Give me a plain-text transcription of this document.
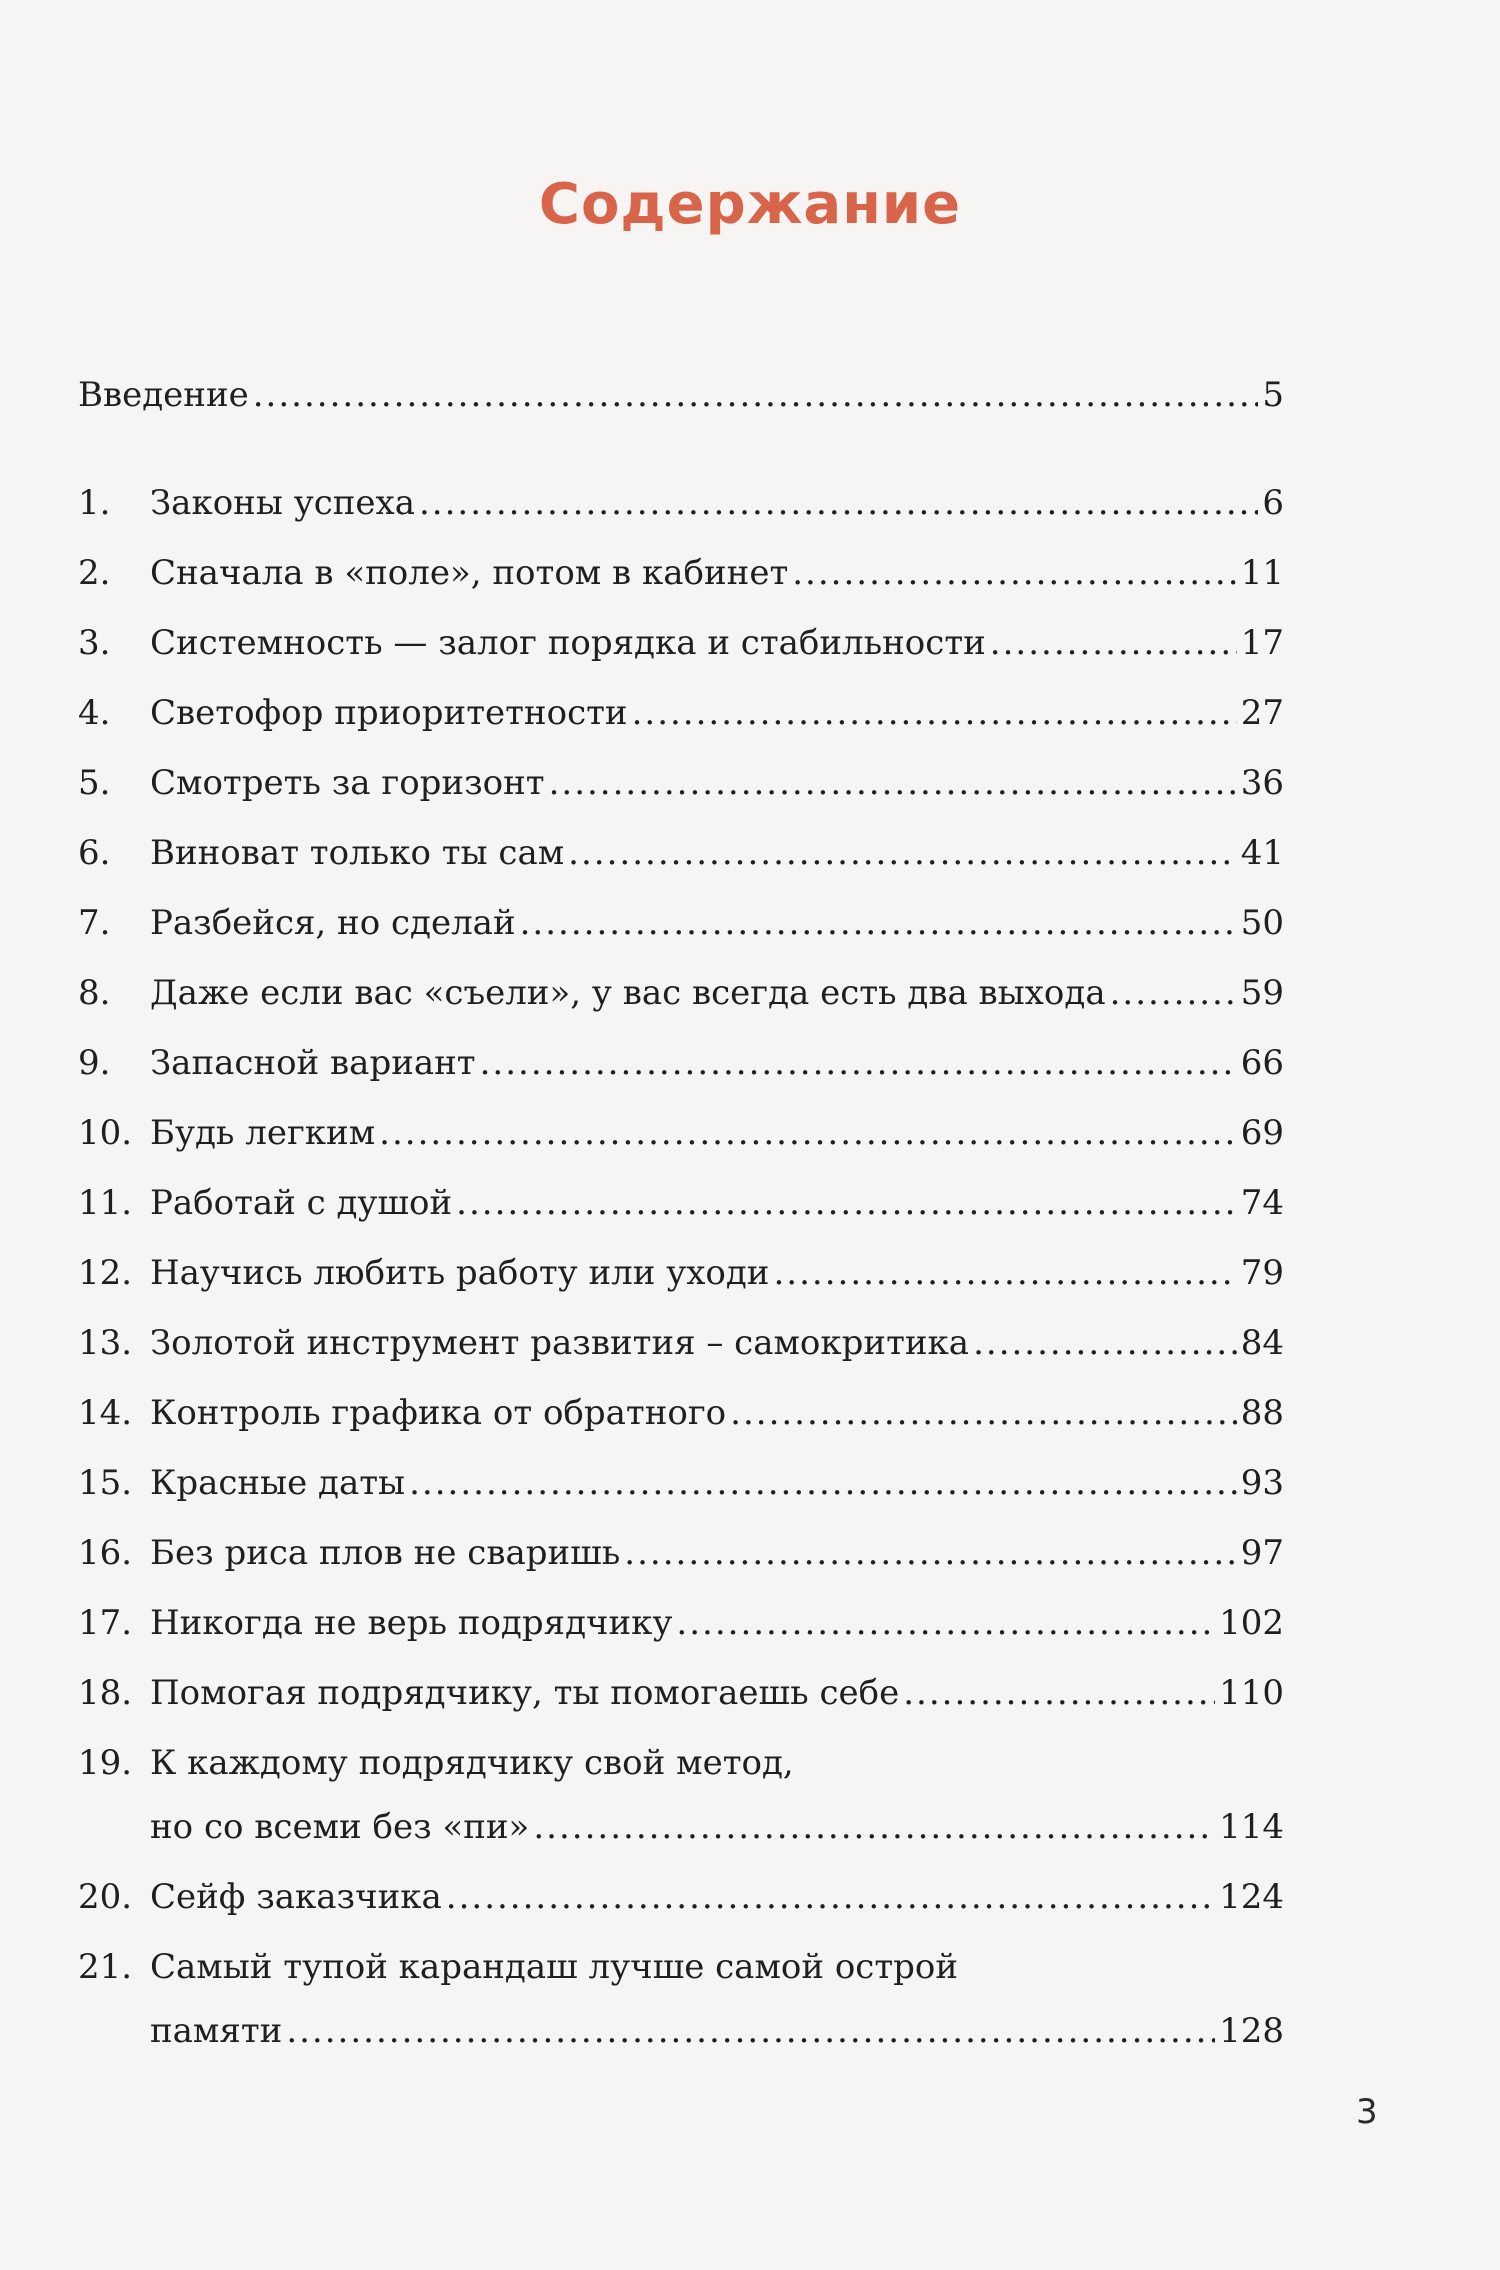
Содержание
Введение .....	5
1. Законы успеха .....	6
2. Сначала в «поле», потом в кабинет .....	11
3. Системность — залог порядка и стабильности .....	17
4. Светофор приоритетности .....	27
5. Смотреть за горизонт .....	36
6. Виноват только ты сам .....	41
7. Разбейся, но сделай .....	50
8. Даже если вас «съели», у вас всегда есть два выхода .....	59
9. Запасной вариант .....	66
10. Будь легким .....	69
11. Работай с душой .....	74
12. Научись любить работу или уходи .....	79
13. Золотой инструмент развития – самокритика .....	84
14. Контроль графика от обратного .....	88
15. Красные даты .....	93
16. Без риса плов не сваришь .....	97
17. Никогда не верь подрядчику .....	102
18. Помогая подрядчику, ты помогаешь себе .....	110
19. К каждому подрядчику свой метод,
но со всеми без «пи» .....	114
20. Сейф заказчика .....	124
21. Самый тупой карандаш лучше самой острой
памяти .....	128
3
